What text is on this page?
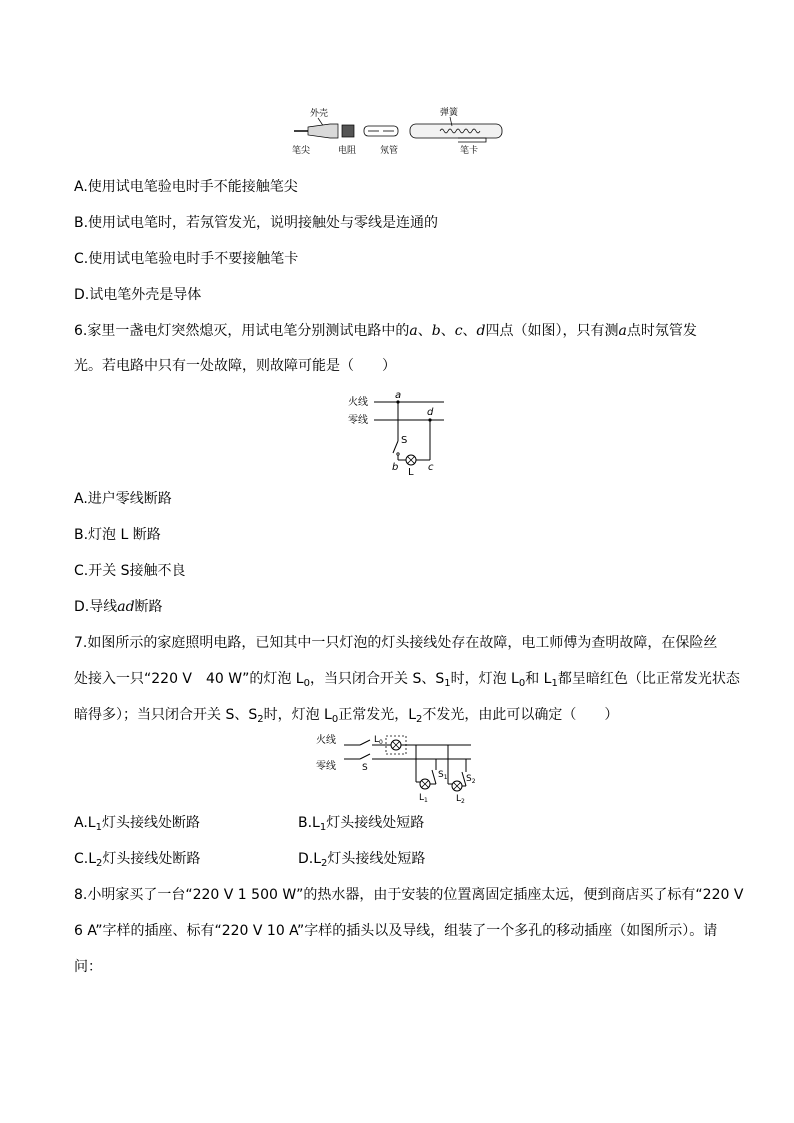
外壳	弹簧
笔尖	电阻	氖管	笔卡
A.使用试电笔验电时手不能接触笔尖
B.使用试电笔时，若氖管发光，说明接触处与零线是连通的
C.使用试电笔验电时手不要接触笔卡
D.试电笔外壳是导体
6.家里一盏电灯突然熄灭，用试电笔分别测试电路中的a、b、c、d四点（如图），只有测a点时氖管发
光。若电路中只有一处故障，则故障可能是（　　）
火线
零线
a
d
S
b L c
A.进户零线断路
B.灯泡 L 断路
C.开关 S接触不良
D.导线ad断路
7.如图所示的家庭照明电路，已知其中一只灯泡的灯头接线处存在故障，电工师傅为查明故障，在保险丝
处接入一只“220 V　40 W”的灯泡 $L_0$，当只闭合开关 S、$S_1$时，灯泡 $L_0$和 $L_1$都呈暗红色（比正常发光状态
暗得多）；当只闭合开关 S、$S_2$时，灯泡 $L_0$正常发光，$L_2$不发光，由此可以确定（　　）
火线
零线	S
$L_0$
$L_1$
$S_1$
$L_2$
$S_2$
$A.L_1$灯头接线处断路	$B.L_1$灯头接线处短路
$C.L_2$灯头接线处断路	$D.L_2$灯头接线处短路
8.小明家买了一台“220 V 1 500 W”的热水器，由于安装的位置离固定插座太远，便到商店买了标有“220 V
6 A”字样的插座、标有“220 V 10 A”字样的插头以及导线，组装了一个多孔的移动插座（如图所示）。请
问：
